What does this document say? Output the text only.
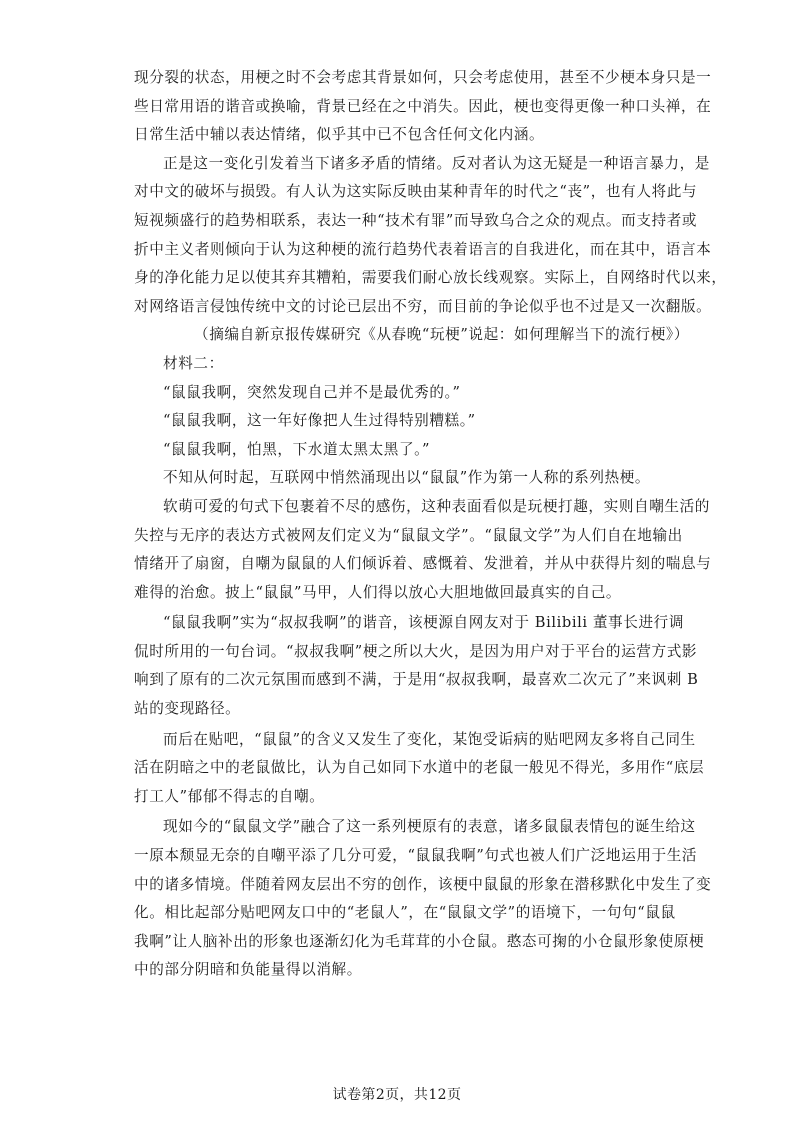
现分裂的状态，用梗之时不会考虑其背景如何，只会考虑使用，甚至不少梗本身只是一
些日常用语的谐音或换喻，背景已经在之中消失。因此，梗也变得更像一种口头禅，在
日常生活中辅以表达情绪，似乎其中已不包含任何文化内涵。
正是这一变化引发着当下诸多矛盾的情绪。反对者认为这无疑是一种语言暴力，是
对中文的破坏与损毁。有人认为这实际反映由某种青年的时代之“丧”，也有人将此与
短视频盛行的趋势相联系，表达一种“技术有罪”而导致乌合之众的观点。而支持者或
折中主义者则倾向于认为这种梗的流行趋势代表着语言的自我进化，而在其中，语言本
身的净化能力足以使其弃其糟粕，需要我们耐心放长线观察。实际上，自网络时代以来，
对网络语言侵蚀传统中文的讨论已层出不穷，而目前的争论似乎也不过是又一次翻版。
（摘编自新京报传媒研究《从春晚“玩梗”说起：如何理解当下的流行梗》）
材料二：
“鼠鼠我啊，突然发现自己并不是最优秀的。”
“鼠鼠我啊，这一年好像把人生过得特别糟糕。”
“鼠鼠我啊，怕黑，下水道太黑太黑了。”
不知从何时起，互联网中悄然涌现出以“鼠鼠”作为第一人称的系列热梗。
软萌可爱的句式下包裹着不尽的感伤，这种表面看似是玩梗打趣，实则自嘲生活的
失控与无序的表达方式被网友们定义为“鼠鼠文学”。“鼠鼠文学”为人们自在地输出
情绪开了扇窗，自嘲为鼠鼠的人们倾诉着、感慨着、发泄着，并从中获得片刻的喘息与
难得的治愈。披上“鼠鼠”马甲，人们得以放心大胆地做回最真实的自己。
“鼠鼠我啊”实为“叔叔我啊”的谐音，该梗源自网友对于 Bilibili 董事长进行调
侃时所用的一句台词。“叔叔我啊”梗之所以大火，是因为用户对于平台的运营方式影
响到了原有的二次元氛围而感到不满，于是用“叔叔我啊，最喜欢二次元了”来讽刺 B
站的变现路径。
而后在贴吧，“鼠鼠”的含义又发生了变化，某饱受诟病的贴吧网友多将自己同生
活在阴暗之中的老鼠做比，认为自己如同下水道中的老鼠一般见不得光，多用作“底层
打工人”郁郁不得志的自嘲。
现如今的“鼠鼠文学”融合了这一系列梗原有的表意，诸多鼠鼠表情包的诞生给这
一原本颓显无奈的自嘲平添了几分可爱，“鼠鼠我啊”句式也被人们广泛地运用于生活
中的诸多情境。伴随着网友层出不穷的创作，该梗中鼠鼠的形象在潜移默化中发生了变
化。相比起部分贴吧网友口中的“老鼠人”，在“鼠鼠文学”的语境下，一句句“鼠鼠
我啊”让人脑补出的形象也逐渐幻化为毛茸茸的小仓鼠。憨态可掬的小仓鼠形象使原梗
中的部分阴暗和负能量得以消解。
试卷第2页，共12页
